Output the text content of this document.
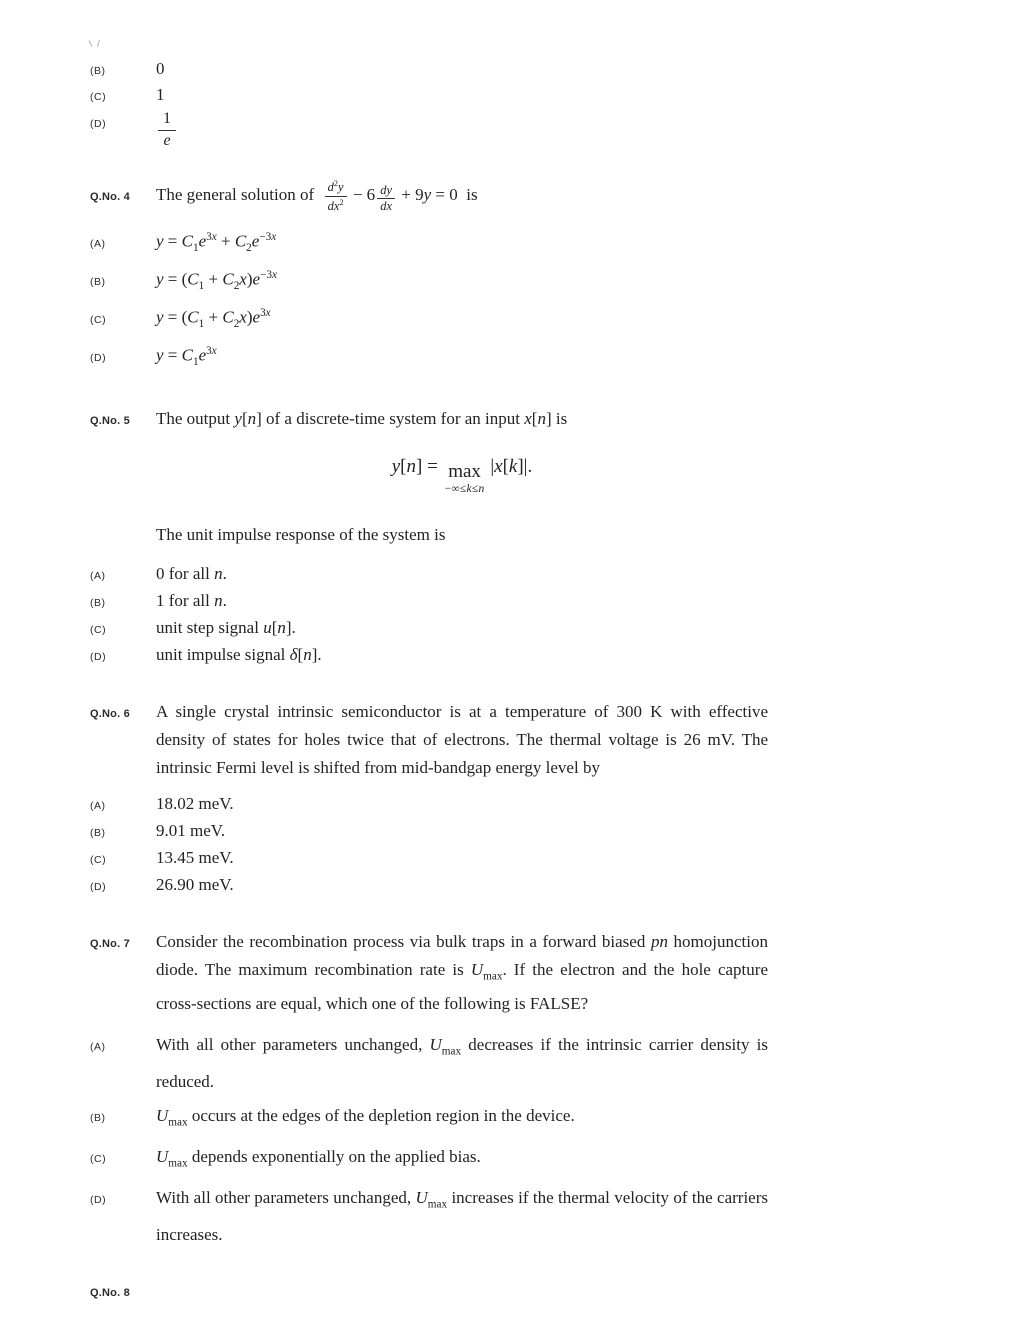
(B)	0
(C)	1
(D)	$\frac{1}{e}$
Q.No. 4	The general solution of  $\frac{d^2y}{dx^2} - 6 \frac{dy}{dx} + 9y = 0$ is
(A)	$y = C_1e^{3x} + C_2e^{-3x}$
(B)	$y = (C_1 + C_2x)e^{-3x}$
(C)	$y = (C_1 + C_2x)e^{3x}$
(D)	$y = C_1e^{3x}$
Q.No. 5	The output y[n] of a discrete-time system for an input x[n] is
y[n] = max
−∞≤k≤n
 |x[k]|.
The unit impulse response of the system is
(A)	0 for all n.
(B)	1 for all n.
(C)	unit step signal u[n].
(D)	unit impulse signal δ[n].
Q.No. 6	A single crystal intrinsic semiconductor is at a temperature of 300 K with effective density of states for holes twice that of electrons. The thermal voltage is 26 mV. The intrinsic Fermi level is shifted from mid-bandgap energy level by
(A)	18.02 meV.
(B)	9.01 meV.
(C)	13.45 meV.
(D)	26.90 meV.
Q.No. 7	Consider the recombination process via bulk traps in a forward biased pn homojunction diode. The maximum recombination rate is $U_{max}$. If the electron and the hole capture cross-sections are equal, which one of the following is FALSE?
(A)	With all other parameters unchanged, $U_{max}$ decreases if the intrinsic carrier density is reduced.
(B)	$U_{max}$ occurs at the edges of the depletion region in the device.
(C)	$U_{max}$ depends exponentially on the applied bias.
(D)	With all other parameters unchanged, $U_{max}$ increases if the thermal velocity of the carriers increases.
Q.No. 8
